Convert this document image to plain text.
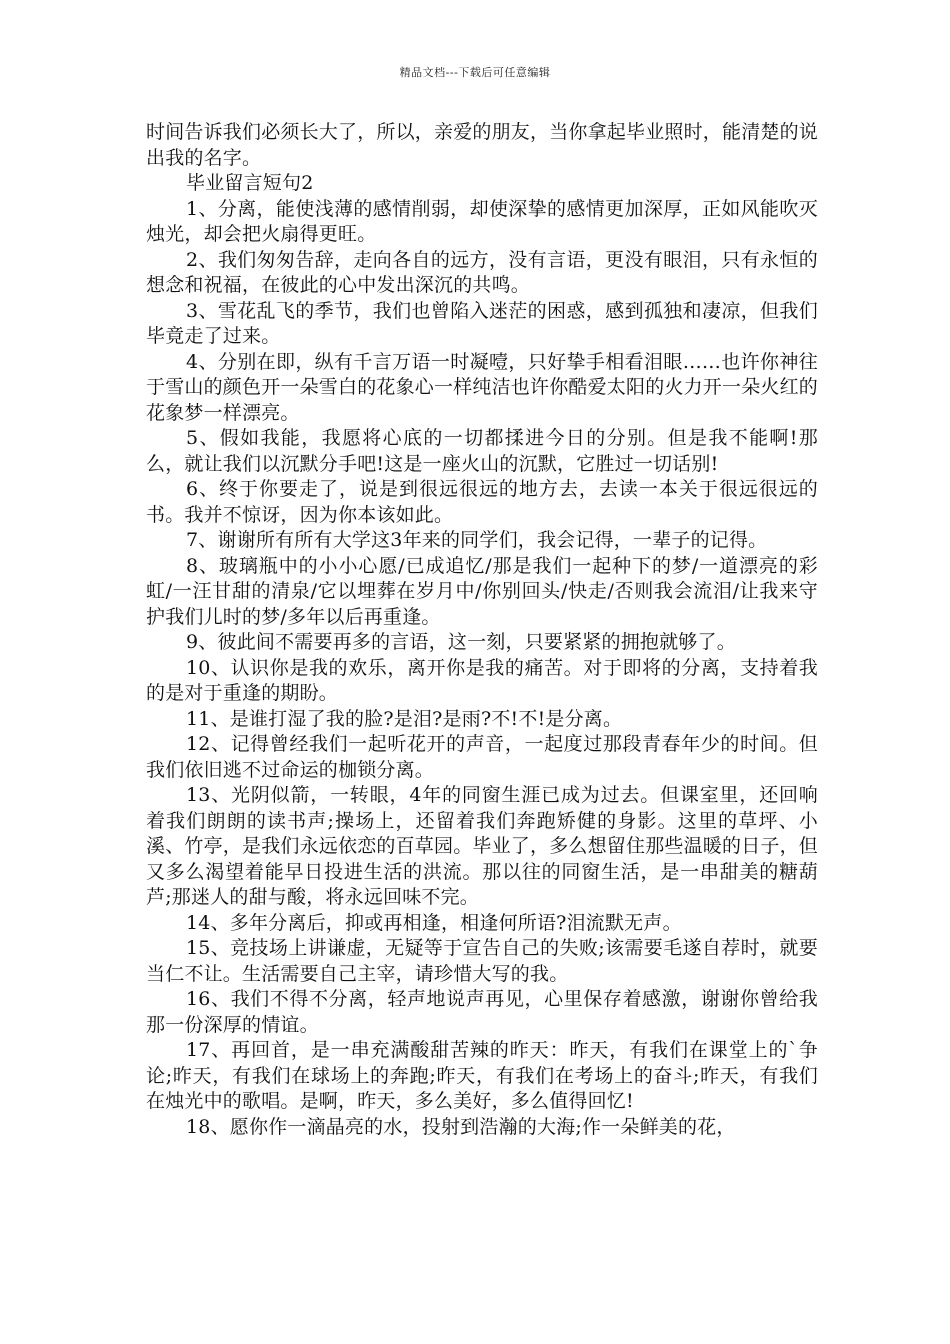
精品文档---下载后可任意编辑

时间告诉我们必须长大了，所以，亲爱的朋友，当你拿起毕业照时，能清楚的说出我的名字。

毕业留言短句2

1、分离，能使浅薄的感情削弱，却使深挚的感情更加深厚，正如风能吹灭烛光，却会把火扇得更旺。

2、我们匆匆告辞，走向各自的远方，没有言语，更没有眼泪，只有永恒的想念和祝福，在彼此的心中发出深沉的共鸣。

3、雪花乱飞的季节，我们也曾陷入迷茫的困惑，感到孤独和凄凉，但我们毕竟走了过来。

4、分别在即，纵有千言万语一时凝噎，只好挚手相看泪眼……也许你神往于雪山的颜色开一朵雪白的花象心一样纯洁也许你酷爱太阳的火力开一朵火红的花象梦一样漂亮。

5、假如我能，我愿将心底的一切都揉进今日的分别。但是我不能啊!那么，就让我们以沉默分手吧!这是一座火山的沉默，它胜过一切话别!

6、终于你要走了，说是到很远很远的地方去，去读一本关于很远很远的书。我并不惊讶，因为你本该如此。

7、谢谢所有所有大学这3年来的同学们，我会记得，一辈子的记得。

8、玻璃瓶中的小小心愿/已成追忆/那是我们一起种下的梦/一道漂亮的彩虹/一汪甘甜的清泉/它以埋葬在岁月中/你别回头/快走/否则我会流泪/让我来守护我们儿时的梦/多年以后再重逢。

9、彼此间不需要再多的言语，这一刻，只要紧紧的拥抱就够了。

10、认识你是我的欢乐，离开你是我的痛苦。对于即将的分离，支持着我的是对于重逢的期盼。

11、是谁打湿了我的脸?是泪?是雨?不!不!是分离。

12、记得曾经我们一起听花开的声音，一起度过那段青春年少的时间。但我们依旧逃不过命运的枷锁分离。

13、光阴似箭，一转眼，4年的同窗生涯已成为过去。但课室里，还回响着我们朗朗的读书声;操场上，还留着我们奔跑矫健的身影。这里的草坪、小溪、竹亭，是我们永远依恋的百草园。毕业了，多么想留住那些温暖的日子，但又多么渴望着能早日投进生活的洪流。那以往的同窗生活，是一串甜美的糖葫芦;那迷人的甜与酸，将永远回味不完。

14、多年分离后，抑或再相逢，相逢何所语?泪流默无声。

15、竞技场上讲谦虚，无疑等于宣告自己的失败;该需要毛遂自荐时，就要当仁不让。生活需要自己主宰，请珍惜大写的我。

16、我们不得不分离，轻声地说声再见，心里保存着感激，谢谢你曾给我那一份深厚的情谊。

17、再回首，是一串充满酸甜苦辣的昨天：昨天，有我们在课堂上的`争论;昨天，有我们在球场上的奔跑;昨天，有我们在考场上的奋斗;昨天，有我们在烛光中的歌唱。是啊，昨天，多么美好，多么值得回忆!

18、愿你作一滴晶亮的水，投射到浩瀚的大海;作一朵鲜美的花，
